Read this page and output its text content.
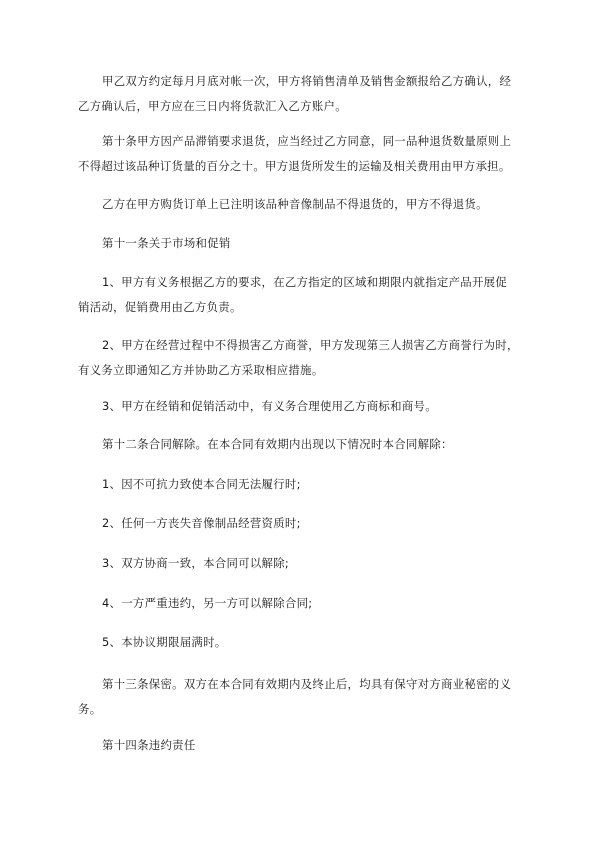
甲乙双方约定每月月底对帐一次，甲方将销售清单及销售金额报给乙方确认，经
乙方确认后，甲方应在三日内将货款汇入乙方账户。

第十条甲方因产品滞销要求退货，应当经过乙方同意，同一品种退货数量原则上
不得超过该品种订货量的百分之十。甲方退货所发生的运输及相关费用由甲方承担。

乙方在甲方购货订单上已注明该品种音像制品不得退货的，甲方不得退货。

第十一条关于市场和促销

1、甲方有义务根据乙方的要求，在乙方指定的区域和期限内就指定产品开展促
销活动，促销费用由乙方负责。

2、甲方在经营过程中不得损害乙方商誉，甲方发现第三人损害乙方商誉行为时，
有义务立即通知乙方并协助乙方采取相应措施。

3、甲方在经销和促销活动中，有义务合理使用乙方商标和商号。

第十二条合同解除。在本合同有效期内出现以下情况时本合同解除：

1、因不可抗力致使本合同无法履行时;

2、任何一方丧失音像制品经营资质时;

3、双方协商一致，本合同可以解除;

4、一方严重违约，另一方可以解除合同;

5、本协议期限届满时。

第十三条保密。双方在本合同有效期内及终止后，均具有保守对方商业秘密的义
务。

第十四条违约责任
